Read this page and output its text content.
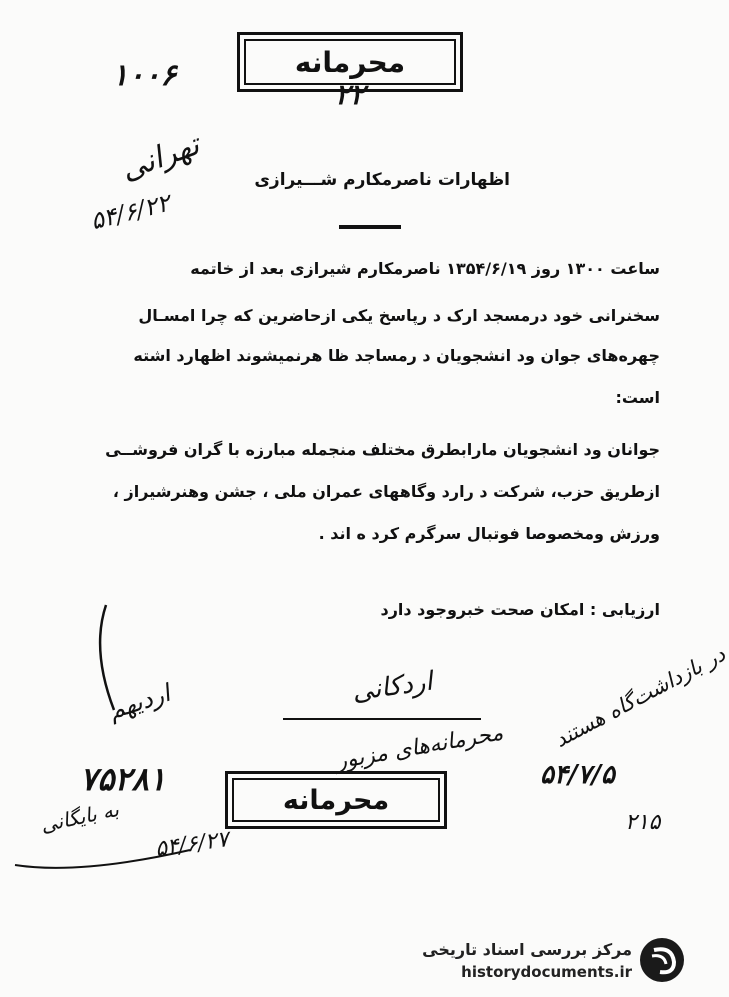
محرمانه
۱۰۰۶
۲۲
تهرانی
۵۴/۶/۲۲
اظهارات ناصرمکارم شـــیرازی
ساعت ۱۳۰۰ روز ۱۳۵۴/۶/۱۹ ناصرمکارم شیرازی بعد از خاتمه
سخنرانی خود درمسجد ارک د رپاسخ یکی ازحاضرین که چرا امسـال
چهره‌های جوان ود انشجویان د رمساجد ظا هرنمیشوند اظهارد اشته
است:
جوانان ود انشجویان مارابطرق مختلف منجمله مبارزه با گران فروشــی
ازطریق حزب، شرکت د رارد وگاههای عمران ملی ، جشن وهنرشیراز ،
ورزش ومخصوصا فوتبال سرگرم کرد ه اند .
ارزیابی : امکان صحت خبروجود دارد
اردیهم	اردکانی
محرمانه‌های مزبور در بازداشت‌گاه هستند
۵۴/۷/۵
۲۱۵
۷۵۲۸۱
محرمانه
به بایگانی
۵۴/۶/۲۷
مرکز بررسی اسناد تاریخی
historydocuments.ir
